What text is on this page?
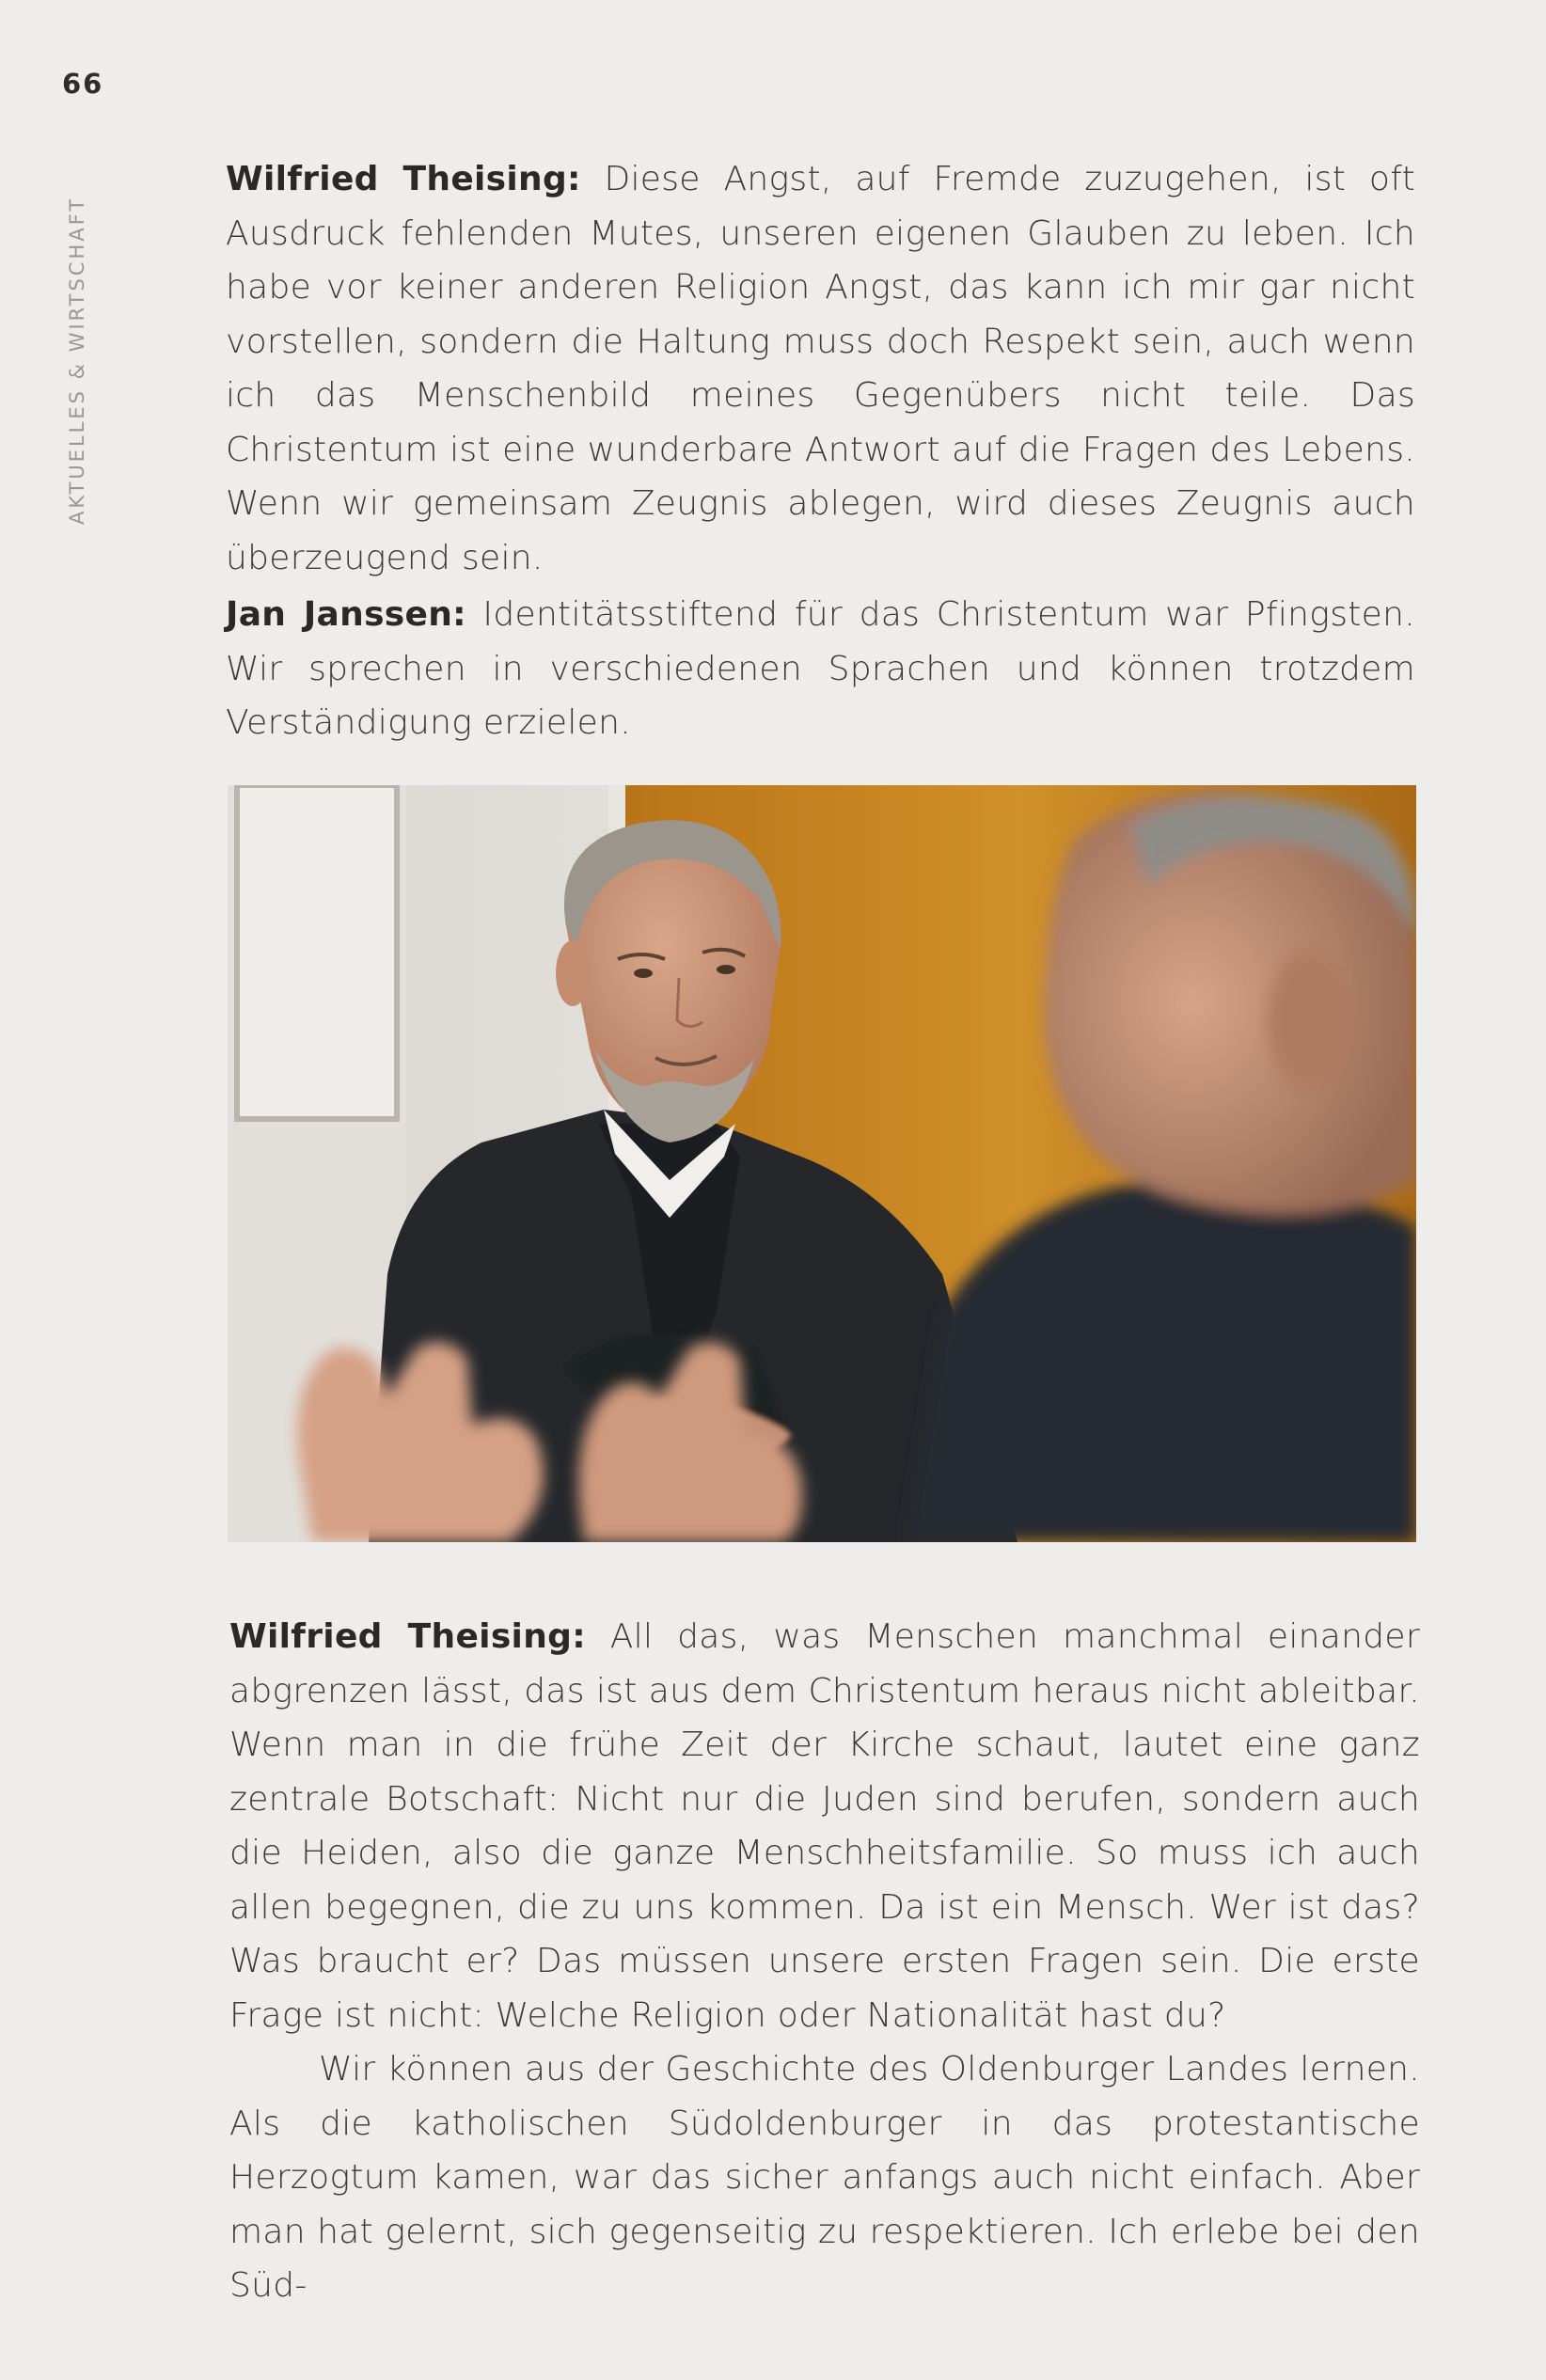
66
AKTUELLES & WIRTSCHAFT

Wilfried Theising: Diese Angst, auf Fremde zuzugehen, ist oft Ausdruck fehlenden Mutes, unseren eigenen Glauben zu leben. Ich habe vor keiner anderen Religion Angst, das kann ich mir gar nicht vorstellen, sondern die Haltung muss doch Respekt sein, auch wenn ich das Menschenbild meines Gegenübers nicht teile. Das Christentum ist eine wunderbare Antwort auf die Fragen des Lebens. Wenn wir gemeinsam Zeugnis ablegen, wird dieses Zeugnis auch überzeugend sein.

Jan Janssen: Identitätsstiftend für das Christentum war Pfingsten. Wir sprechen in verschiedenen Sprachen und können trotzdem Verständigung erzielen.

Wilfried Theising: All das, was Menschen manchmal einander abgrenzen lässt, das ist aus dem Christentum heraus nicht ableitbar. Wenn man in die frühe Zeit der Kirche schaut, lautet eine ganz zentrale Botschaft: Nicht nur die Juden sind berufen, sondern auch die Heiden, also die ganze Menschheitsfamilie. So muss ich auch allen begegnen, die zu uns kommen. Da ist ein Mensch. Wer ist das? Was braucht er? Das müssen unsere ersten Fragen sein. Die erste Frage ist nicht: Welche Religion oder Nationalität hast du?

Wir können aus der Geschichte des Oldenburger Landes lernen. Als die katholischen Südoldenburger in das protestantische Herzogtum kamen, war das sicher anfangs auch nicht einfach. Aber man hat gelernt, sich gegenseitig zu respektieren. Ich erlebe bei den Süd-
